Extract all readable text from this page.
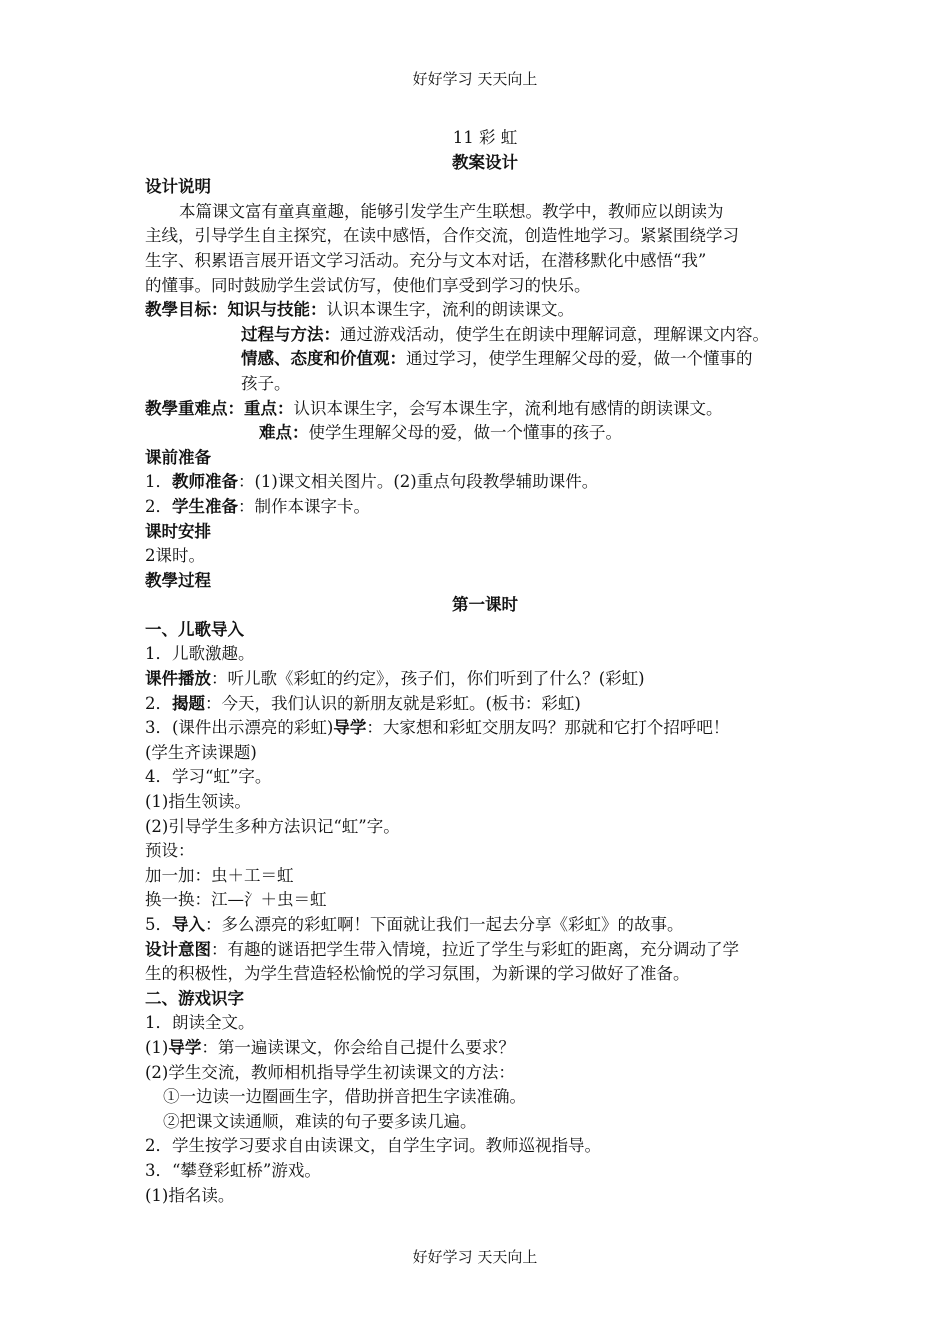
好好学习 天天向上
11 彩 虹
教案设计
设计说明
本篇课文富有童真童趣，能够引发学生产生联想。教学中，教师应以朗读为
主线，引导学生自主探究，在读中感悟，合作交流，创造性地学习。紧紧围绕学习
生字、积累语言展开语文学习活动。充分与文本对话，在潜移默化中感悟“我”
的懂事。同时鼓励学生尝试仿写，使他们享受到学习的快乐。
教學目标：知识与技能：认识本课生字，流利的朗读课文。
过程与方法：通过游戏活动，使学生在朗读中理解词意，理解课文内容。
情感、态度和价值观：通过学习，使学生理解父母的爱，做一个懂事的
孩子。
教學重难点：重点：认识本课生字，会写本课生字，流利地有感情的朗读课文。
难点：使学生理解父母的爱，做一个懂事的孩子。
课前准备
1．教师准备：(1)课文相关图片。(2)重点句段教學辅助课件。
2．学生准备：制作本课字卡。
课时安排
2课时。
教學过程
第一课时
一、儿歌导入
1．儿歌激趣。
课件播放：听儿歌《彩虹的约定》，孩子们，你们听到了什么？(彩虹)
2．揭题：今天，我们认识的新朋友就是彩虹。(板书：彩虹)
3．(课件出示漂亮的彩虹)导学：大家想和彩虹交朋友吗？那就和它打个招呼吧！
(学生齐读课题)
4．学习“虹”字。
(1)指生领读。
(2)引导学生多种方法识记“虹”字。
预设：
加一加：虫＋工＝虹
换一换：江—氵＋虫＝虹
5．导入：多么漂亮的彩虹啊！下面就让我们一起去分享《彩虹》的故事。
设计意图：有趣的谜语把学生带入情境，拉近了学生与彩虹的距离，充分调动了学
生的积极性，为学生营造轻松愉悦的学习氛围，为新课的学习做好了准备。
二、游戏识字
1．朗读全文。
(1)导学：第一遍读课文，你会给自己提什么要求？
(2)学生交流，教师相机指导学生初读课文的方法：
①一边读一边圈画生字，借助拼音把生字读准确。
②把课文读通顺，难读的句子要多读几遍。
2．学生按学习要求自由读课文，自学生字词。教师巡视指导。
3．“攀登彩虹桥”游戏。
(1)指名读。
好好学习 天天向上
